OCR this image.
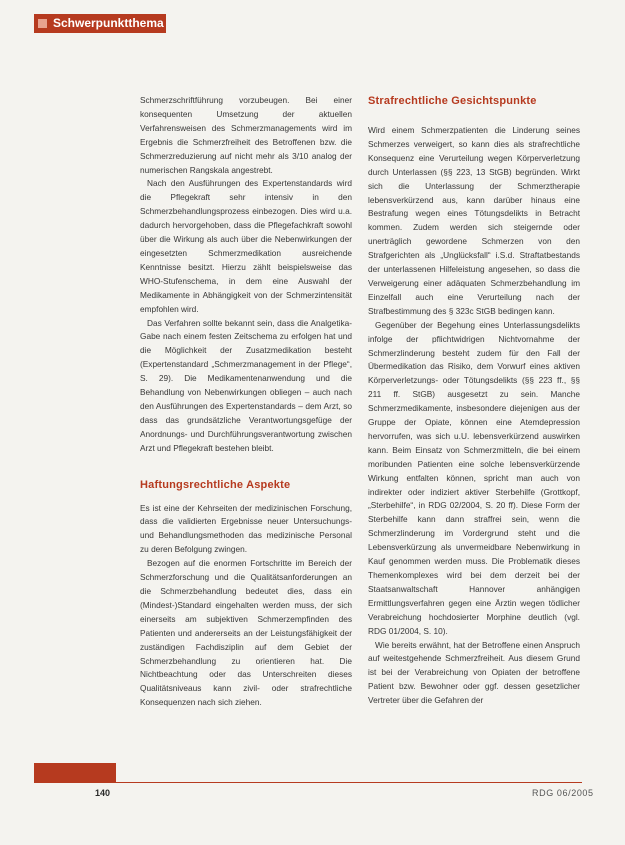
Schwerpunktthema

Schmerzschriftführung vorzubeugen. Bei einer konsequenten Umsetzung der aktuellen Verfahrensweisen des Schmerzmanagements wird im Ergebnis die Schmerzfreiheit des Betroffenen bzw. die Schmerzreduzierung auf nicht mehr als 3/10 analog der numerischen Rangskala angestrebt.

Nach den Ausführungen des Expertenstandards wird die Pflegekraft sehr intensiv in den Schmerzbehandlungsprozess einbezogen. Dies wird u.a. dadurch hervorgehoben, dass die Pflegefachkraft sowohl über die Wirkung als auch über die Nebenwirkungen der eingesetzten Schmerzmedikation ausreichende Kenntnisse besitzt. Hierzu zählt beispielsweise das WHO-Stufenschema, in dem eine Auswahl der Medikamente in Abhängigkeit von der Schmerzintensität empfohlen wird.

Das Verfahren sollte bekannt sein, dass die Analgetika-Gabe nach einem festen Zeitschema zu erfolgen hat und die Möglichkeit der Zusatzmedikation besteht (Expertenstandard „Schmerzmanagement in der Pflege“, S. 29). Die Medikamentenanwendung und die Behandlung von Nebenwirkungen obliegen – auch nach den Ausführungen des Expertenstandards – dem Arzt, so dass das grundsätzliche Verantwortungsgefüge der Anordnungs- und Durchführungsverantwortung zwischen Arzt und Pflegekraft bestehen bleibt.

Haftungsrechtliche Aspekte

Es ist eine der Kehrseiten der medizinischen Forschung, dass die validierten Ergebnisse neuer Untersuchungs- und Behandlungsmethoden das medizinische Personal zu deren Befolgung zwingen.

Bezogen auf die enormen Fortschritte im Bereich der Schmerzforschung und die Qualitätsanforderungen an die Schmerzbehandlung bedeutet dies, dass ein (Mindest-)Standard eingehalten werden muss, der sich einerseits am subjektiven Schmerzempfinden des Patienten und andererseits an der Leistungsfähigkeit der zuständigen Fachdisziplin auf dem Gebiet der Schmerzbehandlung zu orientieren hat. Die Nichtbeachtung oder das Unterschreiten dieses Qualitätsniveaus kann zivil- oder strafrechtliche Konsequenzen nach sich ziehen.

Strafrechtliche Gesichtspunkte

Wird einem Schmerzpatienten die Linderung seines Schmerzes verweigert, so kann dies als strafrechtliche Konsequenz eine Verurteilung wegen Körperverletzung durch Unterlassen (§§ 223, 13 StGB) begründen. Wirkt sich die Unterlassung der Schmerztherapie lebensverkürzend aus, kann darüber hinaus eine Bestrafung wegen eines Tötungsdelikts in Betracht kommen. Zudem werden sich steigernde oder unerträglich gewordene Schmerzen von den Strafgerichten als „Unglücksfall“ i.S.d. Straftatbestands der unterlassenen Hilfeleistung angesehen, so dass die Verweigerung einer adäquaten Schmerzbehandlung im Einzelfall auch eine Verurteilung nach der Strafbestimmung des § 323c StGB bedingen kann.

Gegenüber der Begehung eines Unterlassungsdelikts infolge der pflichtwidrigen Nichtvornahme der Schmerzlinderung besteht zudem für den Fall der Übermedikation das Risiko, dem Vorwurf eines aktiven Körperverletzungs- oder Tötungsdelikts (§§ 223 ff., §§ 211 ff. StGB) ausgesetzt zu sein. Manche Schmerzmedikamente, insbesondere diejenigen aus der Gruppe der Opiate, können eine Atemdepression hervorrufen, was sich u.U. lebensverkürzend auswirken kann. Beim Einsatz von Schmerzmitteln, die bei einem moribunden Patienten eine solche lebensverkürzende Wirkung entfalten können, spricht man auch von indirekter oder indiziert aktiver Sterbehilfe (Grottkopf, „Sterbehilfe“, in RDG 02/2004, S. 20 ff). Diese Form der Sterbehilfe kann dann straffrei sein, wenn die Schmerzlinderung im Vordergrund steht und die Lebensverkürzung als unvermeidbare Nebenwirkung in Kauf genommen werden muss. Die Problematik dieses Themenkomplexes wird bei dem derzeit bei der Staatsanwaltschaft Hannover anhängigen Ermittlungsverfahren gegen eine Ärztin wegen tödlicher Verabreichung hochdosierter Morphine deutlich (vgl. RDG 01/2004, S. 10).

Wie bereits erwähnt, hat der Betroffene einen Anspruch auf weitestgehende Schmerzfreiheit. Aus diesem Grund ist bei der Verabreichung von Opiaten der betroffene Patient bzw. Bewohner oder ggf. dessen gesetzlicher Vertreter über die Gefahren der

140	RDG 06/2005
